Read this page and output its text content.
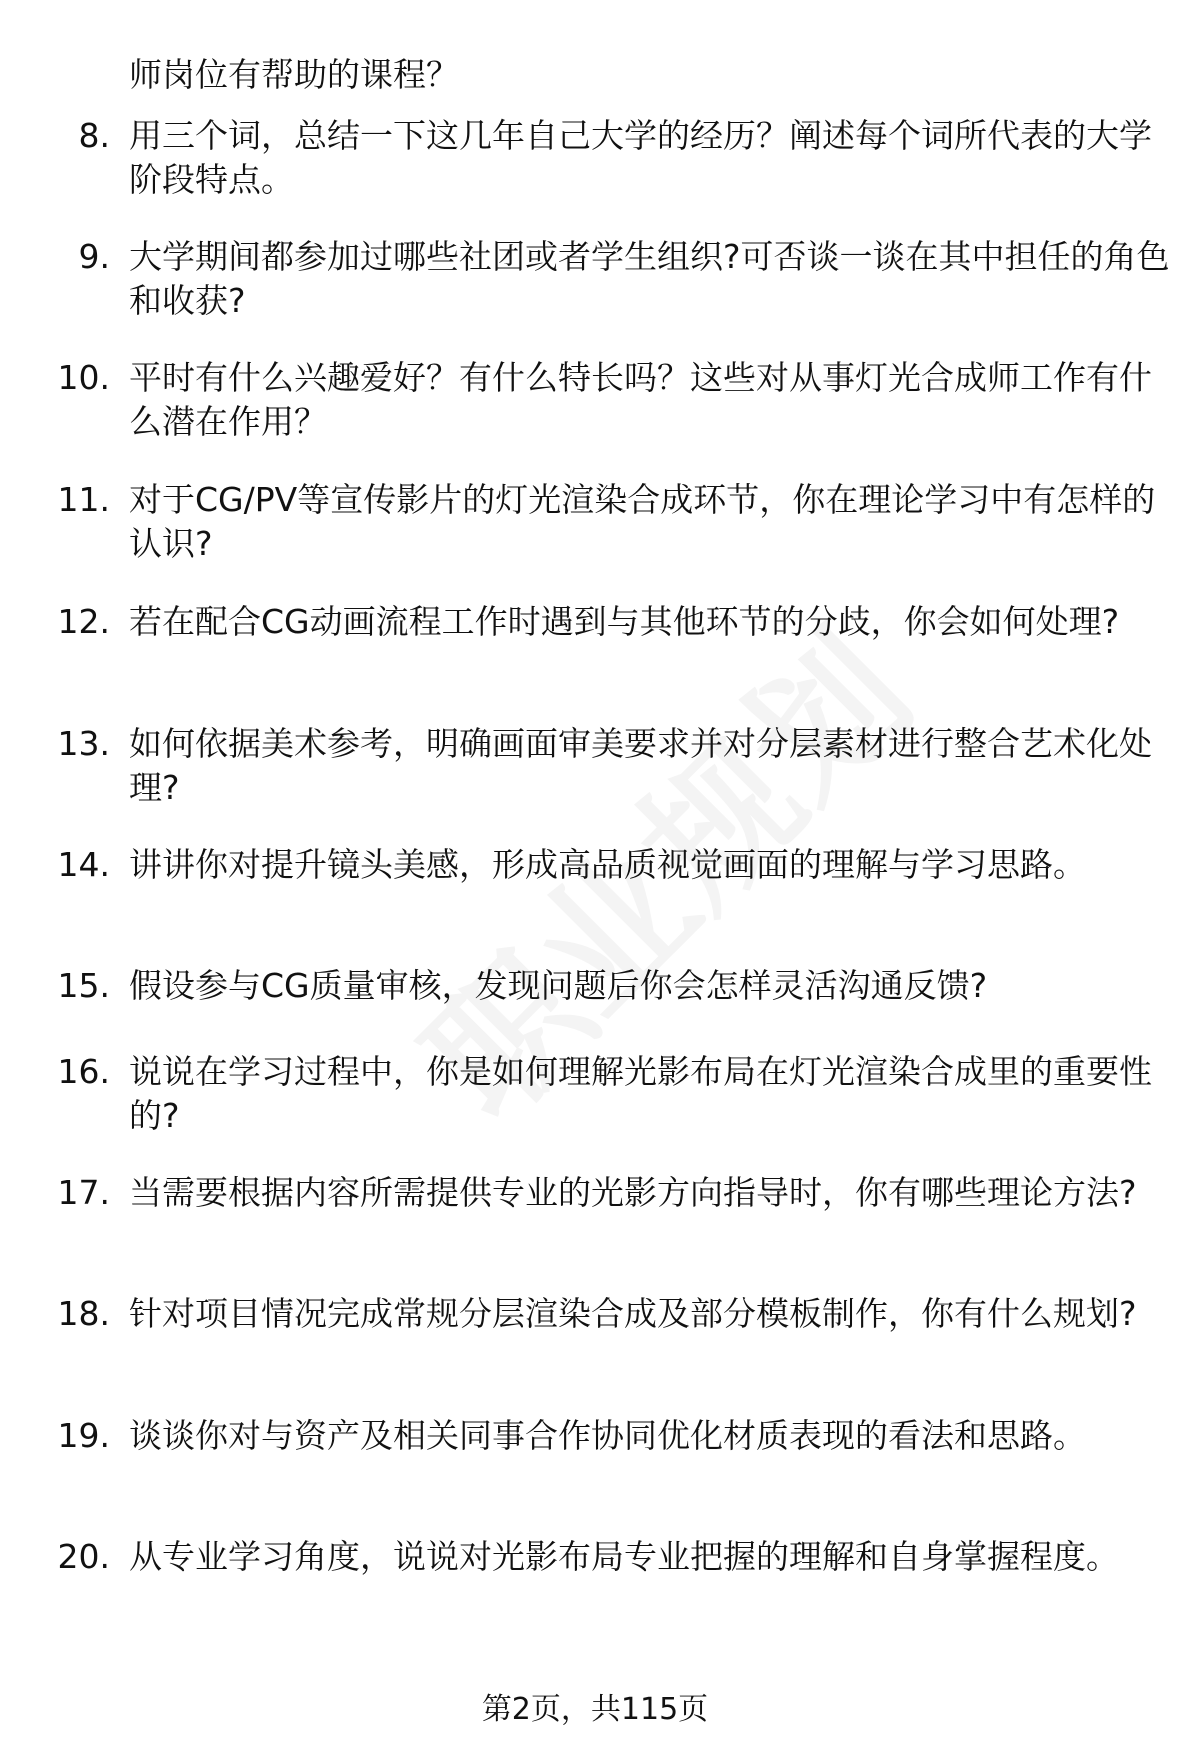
师岗位有帮助的课程？
8. 用三个词，总结一下这几年自己大学的经历？阐述每个词所代表的大学阶段特点。
9. 大学期间都参加过哪些社团或者学生组织?可否谈一谈在其中担任的角色和收获?
10. 平时有什么兴趣爱好？有什么特长吗？这些对从事灯光合成师工作有什么潜在作用？
11. 对于CG/PV等宣传影片的灯光渲染合成环节，你在理论学习中有怎样的认识?
12. 若在配合CG动画流程工作时遇到与其他环节的分歧，你会如何处理?
13. 如何依据美术参考，明确画面审美要求并对分层素材进行整合艺术化处理?
14. 讲讲你对提升镜头美感，形成高品质视觉画面的理解与学习思路。
15. 假设参与CG质量审核，发现问题后你会怎样灵活沟通反馈?
16. 说说在学习过程中，你是如何理解光影布局在灯光渲染合成里的重要性的?
17. 当需要根据内容所需提供专业的光影方向指导时，你有哪些理论方法?
18. 针对项目情况完成常规分层渲染合成及部分模板制作，你有什么规划?
19. 谈谈你对与资产及相关同事合作协同优化材质表现的看法和思路。
20. 从专业学习角度，说说对光影布局专业把握的理解和自身掌握程度。
第2页，共115页
